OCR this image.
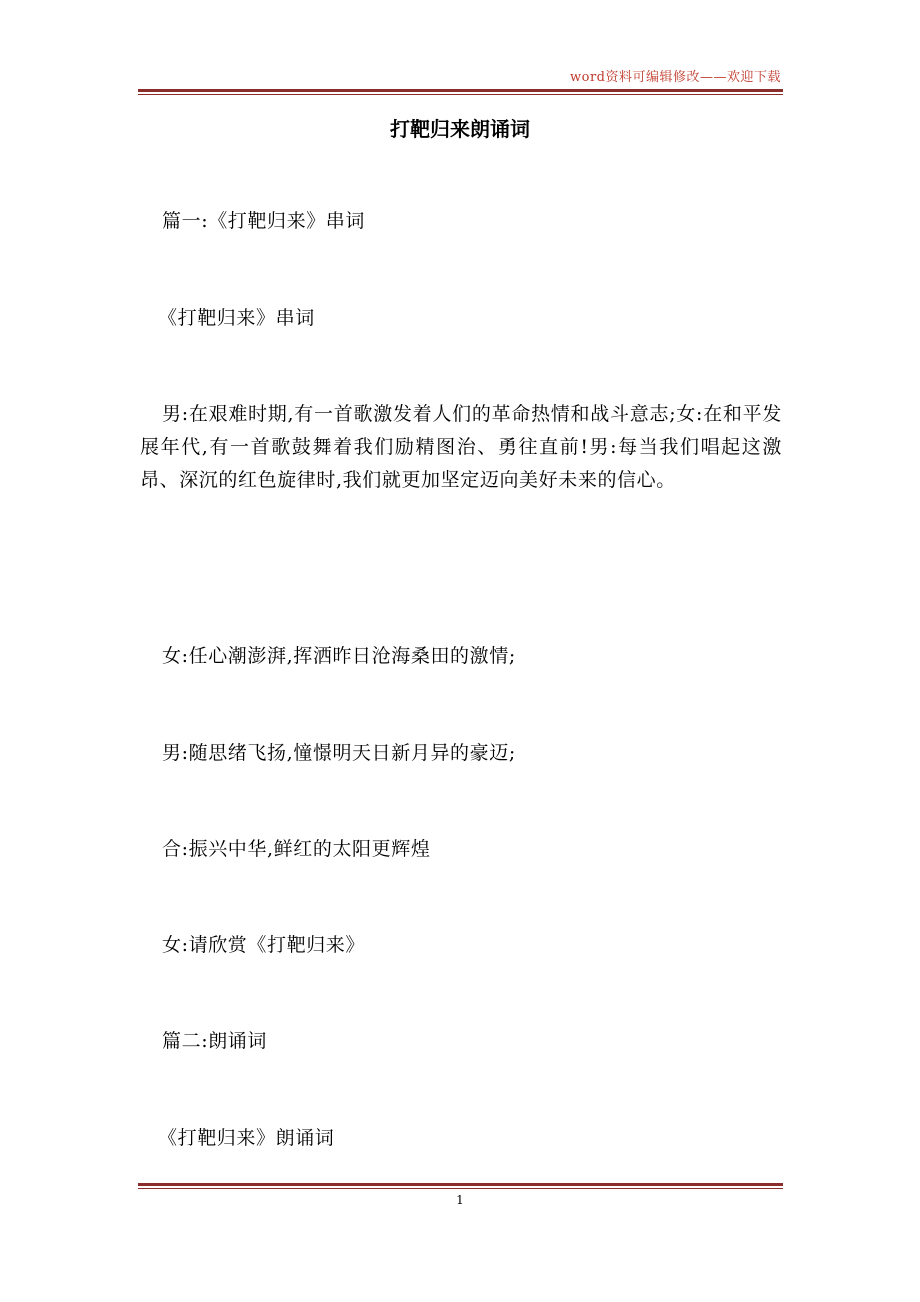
word资料可编辑修改——欢迎下载
打靶归来朗诵词

篇一:《打靶归来》串词

《打靶归来》串词

男:在艰难时期,有一首歌激发着人们的革命热情和战斗意志;女:在和平发展年代,有一首歌鼓舞着我们励精图治、勇往直前!男:每当我们唱起这激昂、深沉的红色旋律时,我们就更加坚定迈向美好未来的信心。

女:任心潮澎湃,挥洒昨日沧海桑田的激情;

男:随思绪飞扬,憧憬明天日新月异的豪迈;

合:振兴中华,鲜红的太阳更辉煌

女:请欣赏《打靶归来》

篇二:朗诵词

《打靶归来》朗诵词

1
